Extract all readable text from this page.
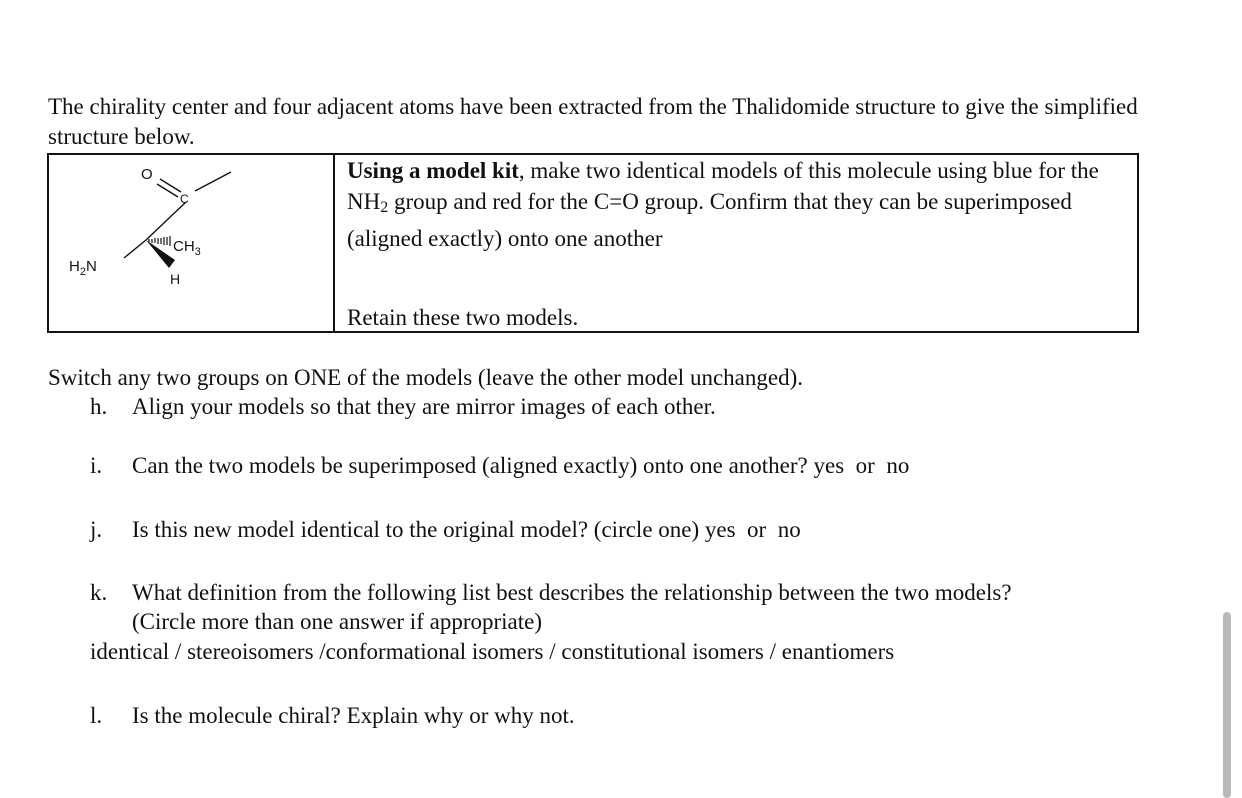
The chirality center and four adjacent atoms have been extracted from the Thalidomide structure to give the simplified structure below.

O
C
$CH_3$
$H_2N$
H

Using a model kit, make two identical models of this molecule using blue for the $NH_2$ group and red for the C=O group. Confirm that they can be superimposed (aligned exactly) onto one another

Retain these two models.

Switch any two groups on ONE of the models (leave the other model unchanged).

h. Align your models so that they are mirror images of each other.

i. Can the two models be superimposed (aligned exactly) onto one another? yes  or  no

j. Is this new model identical to the original model? (circle one) yes  or  no

k. What definition from the following list best describes the relationship between the two models?

(Circle more than one answer if appropriate)

identical / stereoisomers /conformational isomers / constitutional isomers / enantiomers

l. Is the molecule chiral? Explain why or why not.
